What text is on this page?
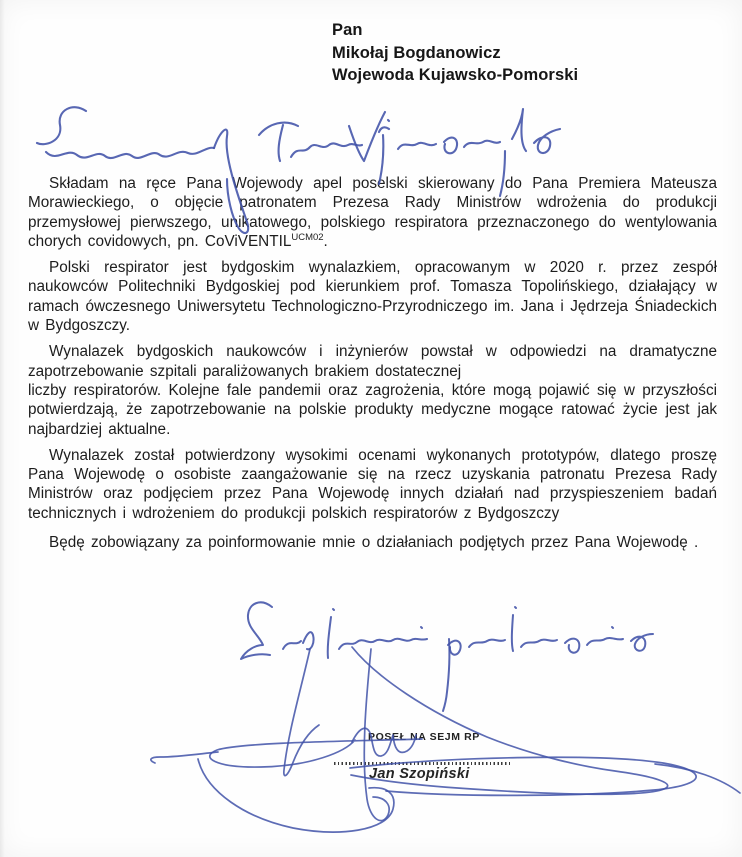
Pan
Mikołaj Bogdanowicz
Wojewoda Kujawsko-Pomorski

Składam na ręce Pana Wojewody apel poselski skierowany do Pana Premiera Mateusza Morawieckiego, o objęcie patronatem Prezesa Rady Ministrów wdrożenia do produkcji przemysłowej pierwszego, unikatowego, polskiego respiratora przeznaczonego do wentylowania chorych covidowych, pn. CoViVENTIL$^{UCM02}$.

Polski respirator jest bydgoskim wynalazkiem, opracowanym w 2020 r. przez zespół naukowców Politechniki Bydgoskiej pod kierunkiem prof. Tomasza Topolińskiego, działający w ramach ówczesnego Uniwersytetu Technologiczno-Przyrodniczego im. Jana i Jędrzeja Śniadeckich w Bydgoszczy.

Wynalazek bydgoskich naukowców i inżynierów powstał w odpowiedzi na dramatyczne zapotrzebowanie szpitali paraliżowanych brakiem dostatecznej
liczby respiratorów. Kolejne fale pandemii oraz zagrożenia, które mogą pojawić się w przyszłości potwierdzają, że zapotrzebowanie na polskie produkty medyczne mogące ratować życie jest jak najbardziej aktualne.

Wynalazek został potwierdzony wysokimi ocenami wykonanych prototypów, dlatego proszę Pana Wojewodę o osobiste zaangażowanie się na rzecz uzyskania patronatu Prezesa Rady Ministrów oraz podjęciem przez Pana Wojewodę innych działań nad przyspieszeniem badań technicznych i wdrożeniem do produkcji polskich respiratorów z Bydgoszczy

Będę zobowiązany za poinformowanie mnie o działaniach podjętych przez Pana Wojewodę .

POSEŁ NA SEJM RP
Jan Szopiński
